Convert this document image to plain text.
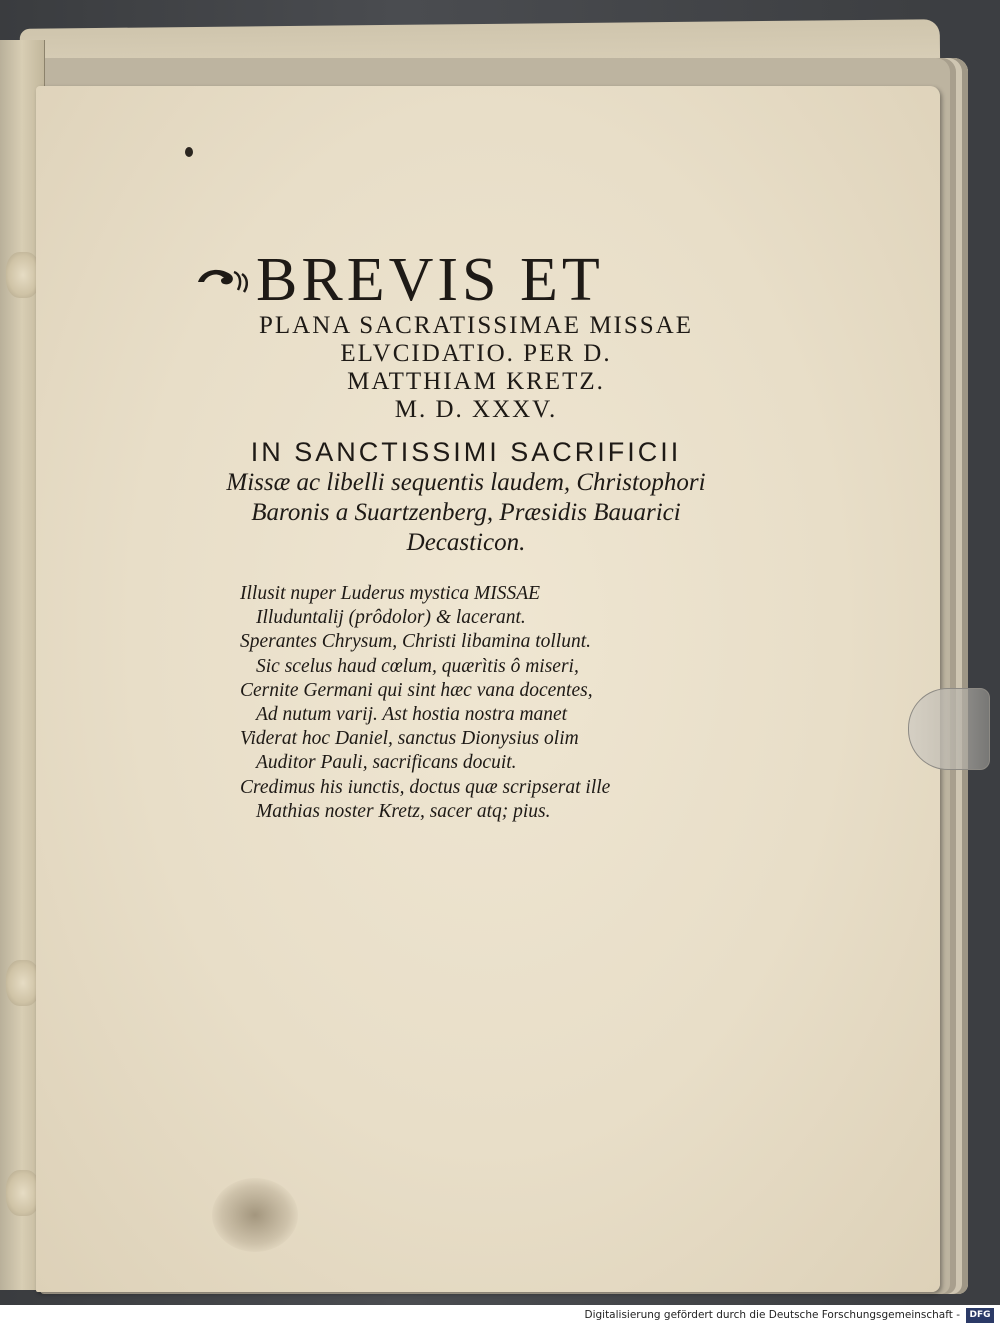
BREVIS ET
PLANA SACRATISSIMAE MISSAE
ELVCIDATIO. PER D.
MATTHIAM KRETZ.
M. D. XXXV.
IN SANCTISSIMI SACRIFICII
Missæ ac libelli sequentis laudem, Christophori
Baronis a Suartzenberg, Præsidis Bauarici
Decasticon.
Illusit nuper Luderus mystica MISSAE
Illuduntalij (prôdolor) & lacerant.
Sperantes Chrysum, Christi libamina tollunt.
Sic scelus haud cœlum, quærìtis ô miseri,
Cernite Germani qui sint hæc vana docentes,
Ad nutum varij. Ast hostia nostra manet
Viderat hoc Daniel, sanctus Dionysius olim
Auditor Pauli, sacrificans docuit.
Credimus his iunctis, doctus quæ scripserat ille
Mathias noster Kretz, sacer atq; pius.
Digitalisierung gefördert durch die Deutsche Forschungsgemeinschaft -	DFG
